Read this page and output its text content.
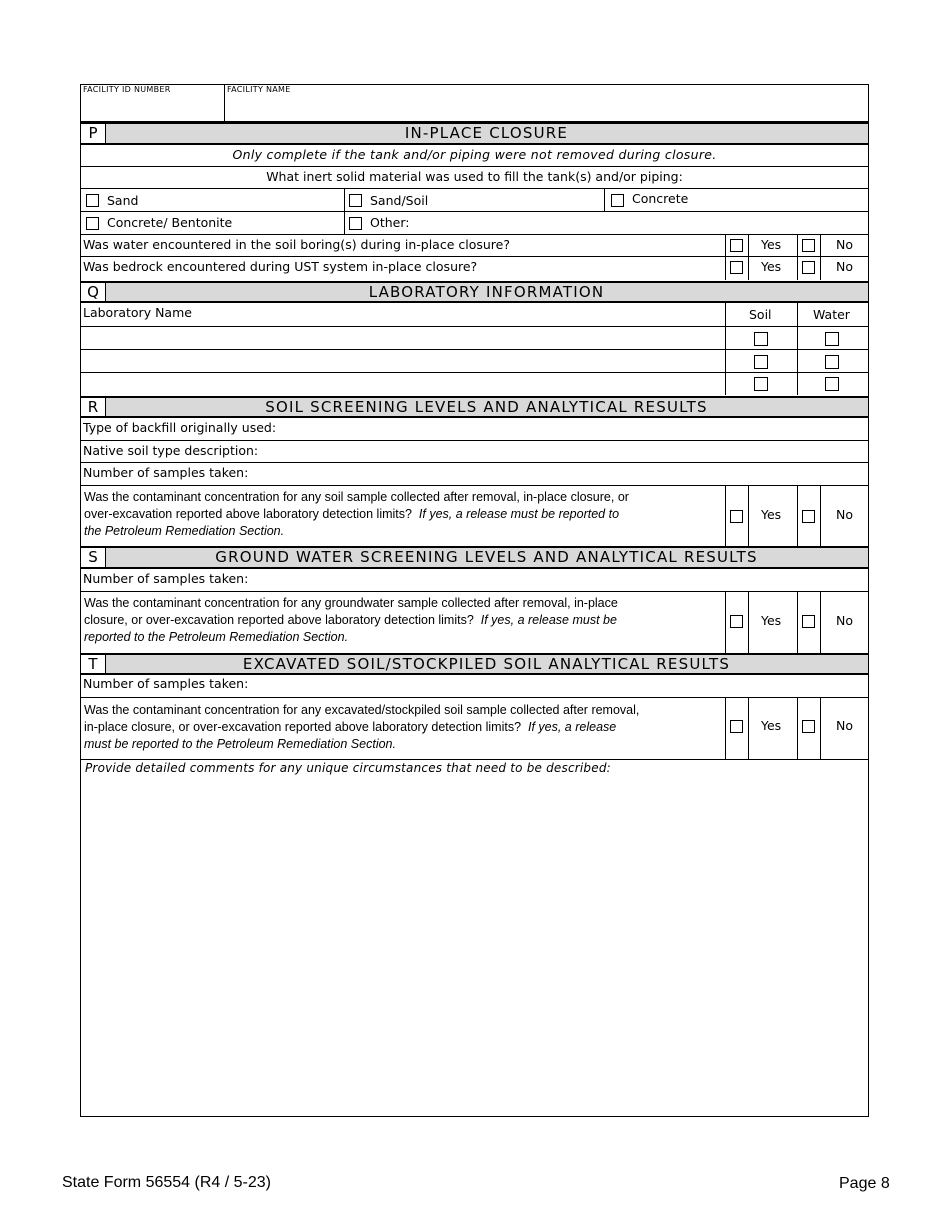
FACILITY ID NUMBER	FACILITY NAME
P	IN-PLACE CLOSURE
Only complete if the tank and/or piping were not removed during closure.
What inert solid material was used to fill the tank(s) and/or piping:
Sand	Sand/Soil	Concrete
Concrete/ Bentonite	Other:
Was water encountered in the soil boring(s) during in-place closure?	Yes	No
Was bedrock encountered during UST system in-place closure?	Yes	No
Q	LABORATORY INFORMATION
Laboratory Name	Soil	Water
R	SOIL SCREENING LEVELS AND ANALYTICAL RESULTS
Type of backfill originally used:
Native soil type description:
Number of samples taken:
Was the contaminant concentration for any soil sample collected after removal, in-place closure, or
over-excavation reported above laboratory detection limits? If yes, a release must be reported to
the Petroleum Remediation Section.
Yes	No
S	GROUND WATER SCREENING LEVELS AND ANALYTICAL RESULTS
Number of samples taken:
Was the contaminant concentration for any groundwater sample collected after removal, in-place
closure, or over-excavation reported above laboratory detection limits? If yes, a release must be
reported to the Petroleum Remediation Section.
Yes	No
T	EXCAVATED SOIL/STOCKPILED SOIL ANALYTICAL RESULTS
Number of samples taken:
Was the contaminant concentration for any excavated/stockpiled soil sample collected after removal,
in-place closure, or over-excavation reported above laboratory detection limits? If yes, a release
must be reported to the Petroleum Remediation Section.
Yes	No
Provide detailed comments for any unique circumstances that need to be described:
State Form 56554 (R4 / 5-23)	Page 8
